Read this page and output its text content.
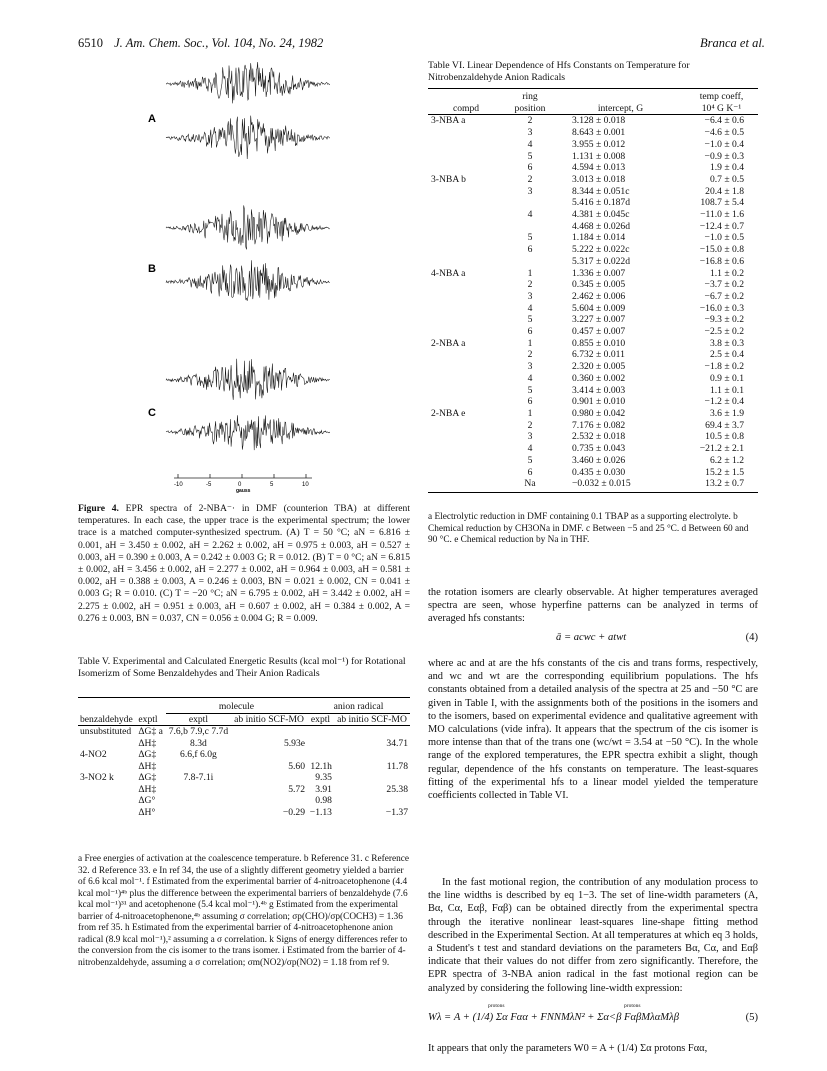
6510 J. Am. Chem. Soc., Vol. 104, No. 24, 1982	Branca et al.
A
B
C
-10	-5	0	5	10
gauss
Figure 4. EPR spectra of 2-NBA⁻· in DMF (counterion TBA) at different temperatures. In each case, the upper trace is the experimental spectrum; the lower trace is a matched computer-synthesized spectrum. (A) T = 50 °C; aN = 6.816 ± 0.001, aH = 3.450 ± 0.002, aH = 2.262 ± 0.002, aH = 0.975 ± 0.003, aH = 0.527 ± 0.003, aH = 0.390 ± 0.003, A = 0.242 ± 0.003 G; R = 0.012. (B) T = 0 °C; aN = 6.815 ± 0.002, aH = 3.456 ± 0.002, aH = 2.277 ± 0.002, aH = 0.964 ± 0.003, aH = 0.581 ± 0.002, aH = 0.388 ± 0.003, A = 0.246 ± 0.003, BN = 0.021 ± 0.002, CN = 0.041 ± 0.003 G; R = 0.010. (C) T = −20 °C; aN = 6.795 ± 0.002, aH = 3.442 ± 0.002, aH = 2.275 ± 0.002, aH = 0.951 ± 0.003, aH = 0.607 ± 0.002, aH = 0.384 ± 0.002, A = 0.276 ± 0.003, BN = 0.037, CN = 0.056 ± 0.004 G; R = 0.009.
Table V. Experimental and Calculated Energetic Results (kcal mol⁻¹) for Rotational Isomerizm of Some Benzaldehydes and Their Anion Radicals

		molecule		anion radical	
benzaldehyde	exptl	exptl	ab initio SCF-MO	exptl	ab initio SCF-MO
unsubstituted	ΔG‡ a	7.6,b 7.9,c 7.7d			
	ΔH‡	8.3d	5.93e		34.71
4-NO2	ΔG‡	6.6,f 6.0g			
	ΔH‡		5.60	12.1h	11.78
3-NO2 k	ΔG‡	7.8-7.1i		9.35	
	ΔH‡		5.72	3.91	25.38
	ΔG°			0.98	
	ΔH°		−0.29	−1.13	−1.37
a Free energies of activation at the coalescence temperature. b Reference 31. c Reference 32. d Reference 33. e In ref 34, the use of a slightly different geometry yielded a barrier of 6.6 kcal mol⁻¹. f Estimated from the experimental barrier of 4-nitroacetophenone (4.4 kcal mol⁻¹)⁴ᵇ plus the difference between the experimental barriers of benzaldehyde (7.6 kcal mol⁻¹)³¹ and acetophenone (5.4 kcal mol⁻¹).⁴ᵇ g Estimated from the experimental barrier of 4-nitroacetophenone,⁴ᵇ assuming σ correlation; σp(CHO)/σp(COCH3) = 1.36 from ref 35. h Estimated from the experimental barrier of 4-nitroacetophenone anion radical (8.9 kcal mol⁻¹),² assuming a σ correlation. k Signs of energy differences refer to the conversion from the cis isomer to the trans isomer. i Estimated from the barrier of 4-nitrobenzaldehyde, assuming a σ correlation; σm(NO2)/σp(NO2) = 1.18 from ref 9.
Table VI. Linear Dependence of Hfs Constants on Temperature for Nitrobenzaldehyde Anion Radicals

	ring		temp coeff,
compd	position	intercept, G	10⁴ G K⁻¹
3-NBA a	2	3.128 ± 0.018	−6.4 ± 0.6
	3	8.643 ± 0.001	−4.6 ± 0.5
	4	3.955 ± 0.012	−1.0 ± 0.4
	5	1.131 ± 0.008	−0.9 ± 0.3
	6	4.594 ± 0.013	1.9 ± 0.4
3-NBA b	2	3.013 ± 0.018	0.7 ± 0.5
	3	8.344 ± 0.051c	20.4 ± 1.8
		5.416 ± 0.187d	108.7 ± 5.4
	4	4.381 ± 0.045c	−11.0 ± 1.6
		4.468 ± 0.026d	−12.4 ± 0.7
	5	1.184 ± 0.014	−1.0 ± 0.5
	6	5.222 ± 0.022c	−15.0 ± 0.8
		5.317 ± 0.022d	−16.8 ± 0.6
4-NBA a	1	1.336 ± 0.007	1.1 ± 0.2
	2	0.345 ± 0.005	−3.7 ± 0.2
	3	2.462 ± 0.006	−6.7 ± 0.2
	4	5.604 ± 0.009	−16.0 ± 0.3
	5	3.227 ± 0.007	−9.3 ± 0.2
	6	0.457 ± 0.007	−2.5 ± 0.2
2-NBA a	1	0.855 ± 0.010	3.8 ± 0.3
	2	6.732 ± 0.011	2.5 ± 0.4
	3	2.320 ± 0.005	−1.8 ± 0.2
	4	0.360 ± 0.002	0.9 ± 0.1
	5	3.414 ± 0.003	1.1 ± 0.1
	6	0.901 ± 0.010	−1.2 ± 0.4
2-NBA e	1	0.980 ± 0.042	3.6 ± 1.9
	2	7.176 ± 0.082	69.4 ± 3.7
	3	2.532 ± 0.018	10.5 ± 0.8
	4	0.735 ± 0.043	−21.2 ± 2.1
	5	3.460 ± 0.026	6.2 ± 1.2
	6	0.435 ± 0.030	15.2 ± 1.5
	Na	−0.032 ± 0.015	13.2 ± 0.7

a Electrolytic reduction in DMF containing 0.1 TBAP as a supporting electrolyte. b Chemical reduction by CH3ONa in DMF. c Between −5 and 25 °C. d Between 60 and 90 °C. e Chemical reduction by Na in THF.
the rotation isomers are clearly observable. At higher temperatures averaged spectra are seen, whose hyperfine patterns can be analyzed in terms of averaged hfs constants:
ā = acwc + atwt	(4)
where ac and at are the hfs constants of the cis and trans forms, respectively, and wc and wt are the corresponding equilibrium populations. The hfs constants obtained from a detailed analysis of the spectra at 25 and −50 °C are given in Table I, with the assignments both of the positions in the isomers and to the isomers, based on experimental evidence and qualitative agreement with MO calculations (vide infra). It appears that the spectrum of the cis isomer is more intense than that of the trans one (wc/wt = 3.54 at −50 °C). In the whole range of the explored temperatures, the EPR spectra exhibit a slight, though regular, dependence of the hfs constants on temperature. The least-squares fitting of the experimental hfs to a linear model yielded the temperature coefficients collected in Table VI.
In the fast motional region, the contribution of any modulation process to the line widths is described by eq 1−3. The set of line-width parameters (A, Bα, Cα, Eαβ, Fαβ) can be obtained directly from the experimental spectra through the iterative nonlinear least-squares line-shape fitting method described in the Experimental Section. At all temperatures at which eq 3 holds, a Student's t test and standard deviations on the parameters Bα, Cα, and Eαβ indicate that their values do not differ from zero significantly. Therefore, the EPR spectra of 3-NBA anion radical in the fast motional region can be analyzed by considering the following line-width expression:
protons	protons
Wλ = A + (1/4) Σα Fαα + FNNMλN² + Σα<β FαβMλαMλβ	(5)
It appears that only the parameters W0 = A + (1/4) Σα protons Fαα,
